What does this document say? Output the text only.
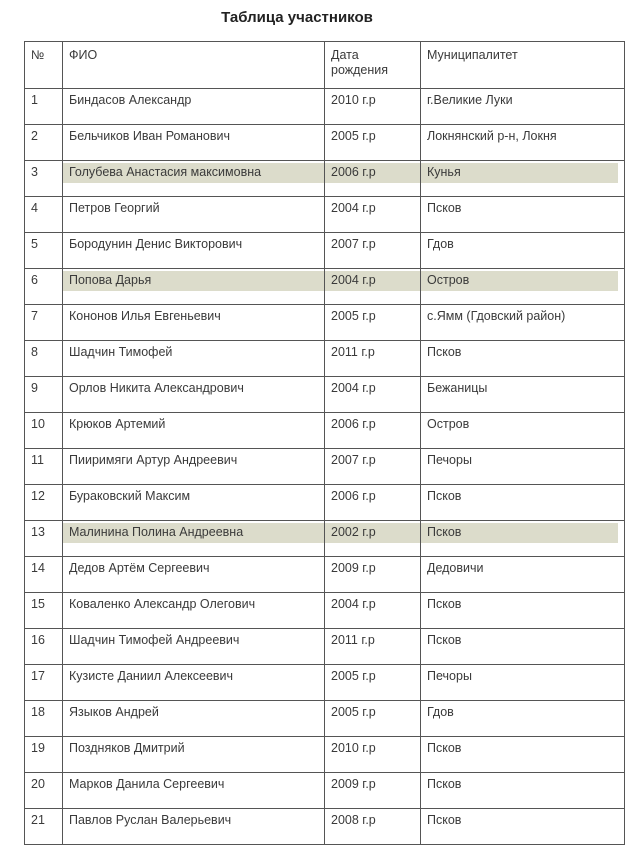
Таблица участников
№	ФИО	Дата рождения	Муниципалитет
1	Биндасов Александр	2010 г.р	г.Великие Луки
2	Бельчиков Иван Романович	2005 г.р	Локнянский р-н, Локня
3	Голубева Анастасия максимовна	2006 г.р	Кунья

4	Петров Георгий	2004 г.р	Псков
5	Бородунин Денис Викторович	2007 г.р	Гдов
6	Попова Дарья	2004 г.р	Остров

7	Кононов Илья Евгеньевич	2005 г.р	с.Ямм (Гдовский район)
8	Шадчин Тимофей	2011 г.р	Псков
9	Орлов Никита Александрович	2004 г.р	Бежаницы
10	Крюков Артемий	2006 г.р	Остров
11	Пииримяги Артур Андреевич	2007 г.р	Печоры
12	Бураковский Максим	2006 г.р	Псков
13	Малинина Полина Андреевна	2002 г.р	Псков

14	Дедов Артём Сергеевич	2009 г.р	Дедовичи
15	Коваленко Александр Олегович	2004 г.р	Псков
16	Шадчин Тимофей Андреевич	2011 г.р	Псков
17	Кузисте Даниил Алексеевич	2005 г.р	Печоры
18	Языков Андрей	2005 г.р	Гдов
19	Поздняков Дмитрий	2010 г.р	Псков
20	Марков Данила Сергеевич	2009 г.р	Псков
21	Павлов Руслан Валерьевич	2008 г.р	Псков
